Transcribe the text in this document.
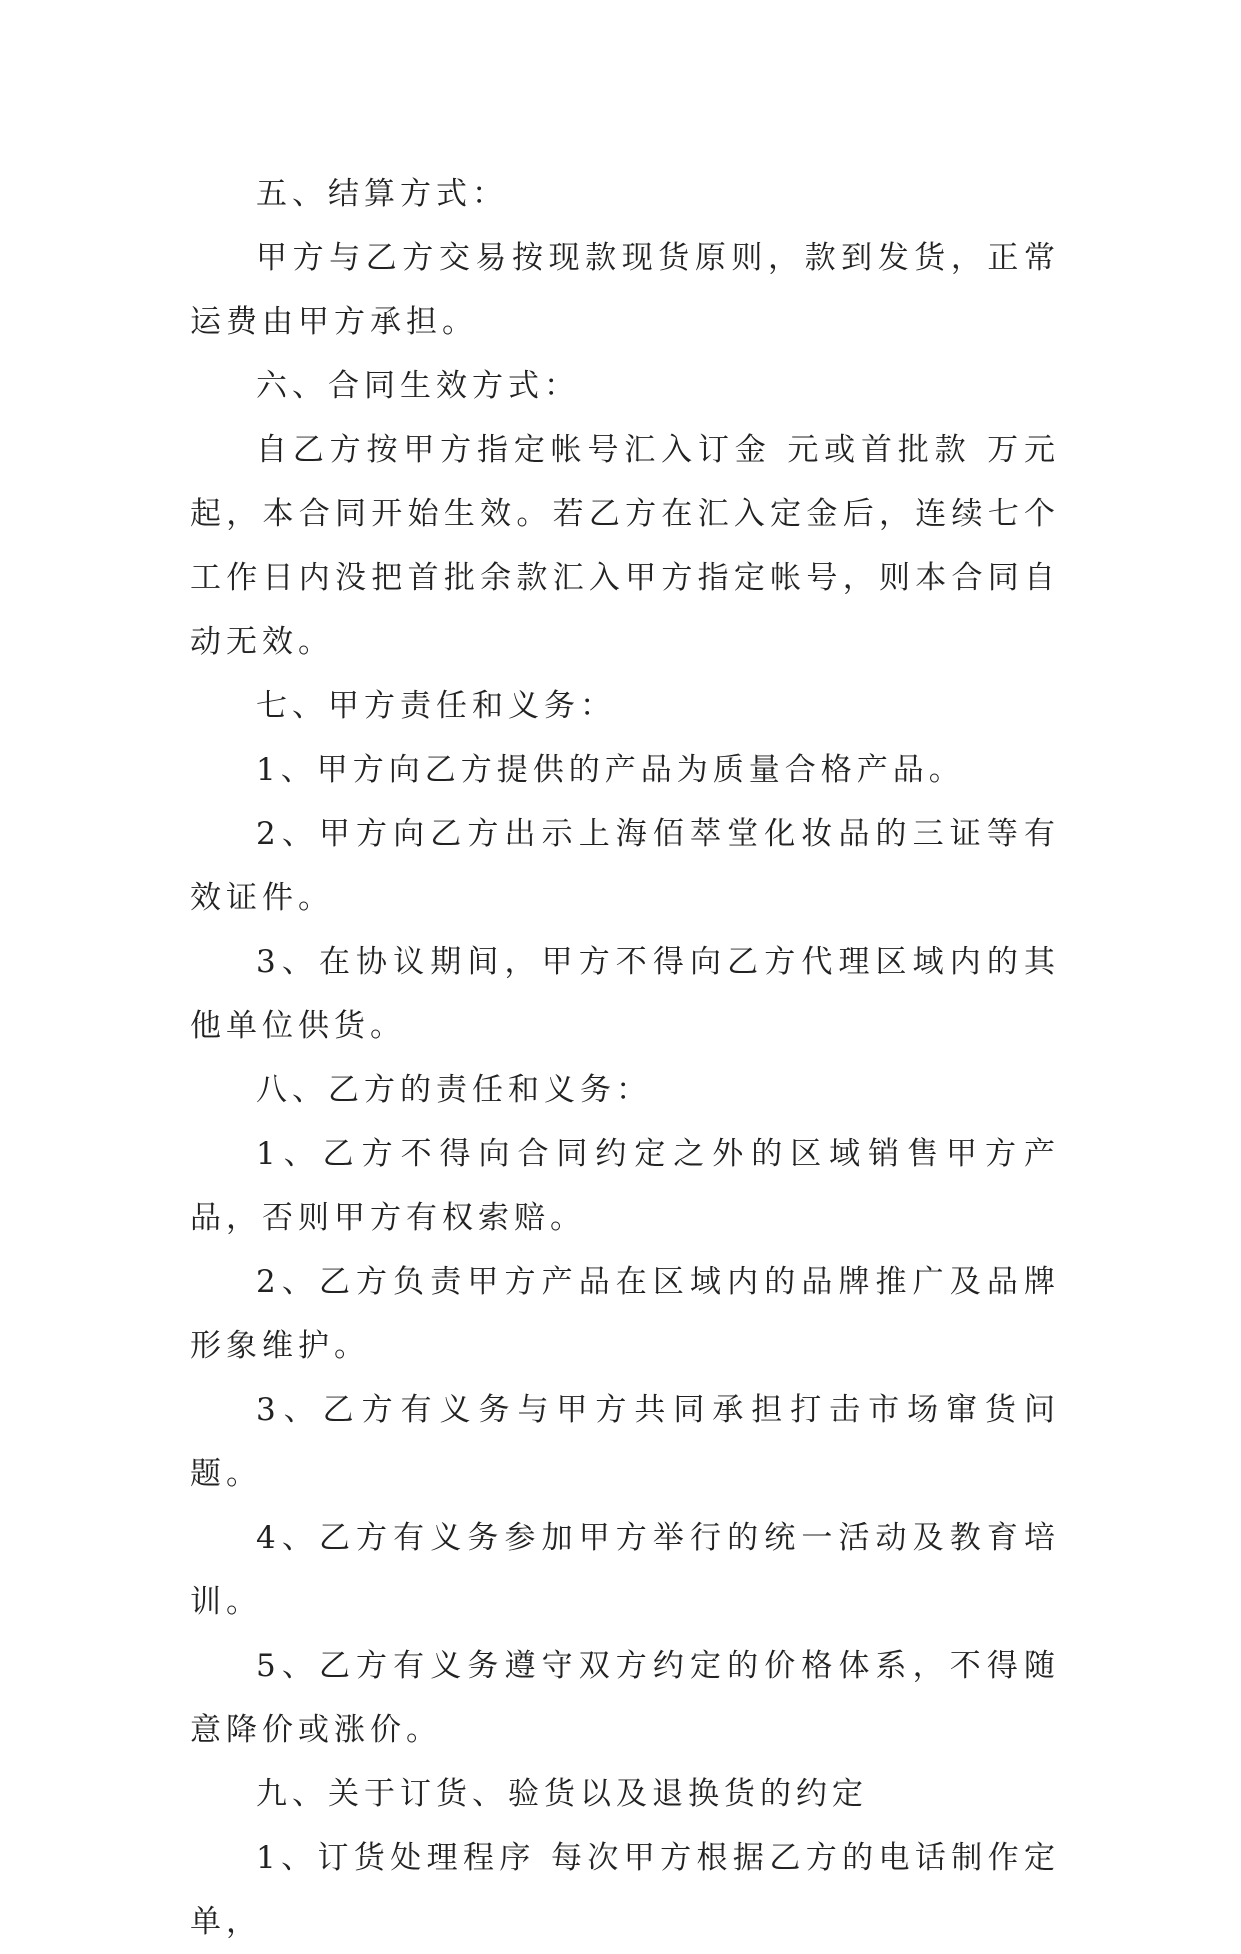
五、结算方式：

甲方与乙方交易按现款现货原则，款到发货，正常运费由甲方承担。

六、合同生效方式：

自乙方按甲方指定帐号汇入订金 元或首批款 万元起，本合同开始生效。若乙方在汇入定金后，连续七个工作日内没把首批余款汇入甲方指定帐号，则本合同自动无效。

七、甲方责任和义务：

1、甲方向乙方提供的产品为质量合格产品。

2、甲方向乙方出示上海佰萃堂化妆品的三证等有效证件。

3、在协议期间，甲方不得向乙方代理区域内的其他单位供货。

八、乙方的责任和义务：

1、乙方不得向合同约定之外的区域销售甲方产品，否则甲方有权索赔。

2、乙方负责甲方产品在区域内的品牌推广及品牌形象维护。

3、乙方有义务与甲方共同承担打击市场窜货问题。

4、乙方有义务参加甲方举行的统一活动及教育培训。

5、乙方有义务遵守双方约定的价格体系，不得随意降价或涨价。

九、关于订货、验货以及退换货的约定

1、订货处理程序 每次甲方根据乙方的电话制作定单，
